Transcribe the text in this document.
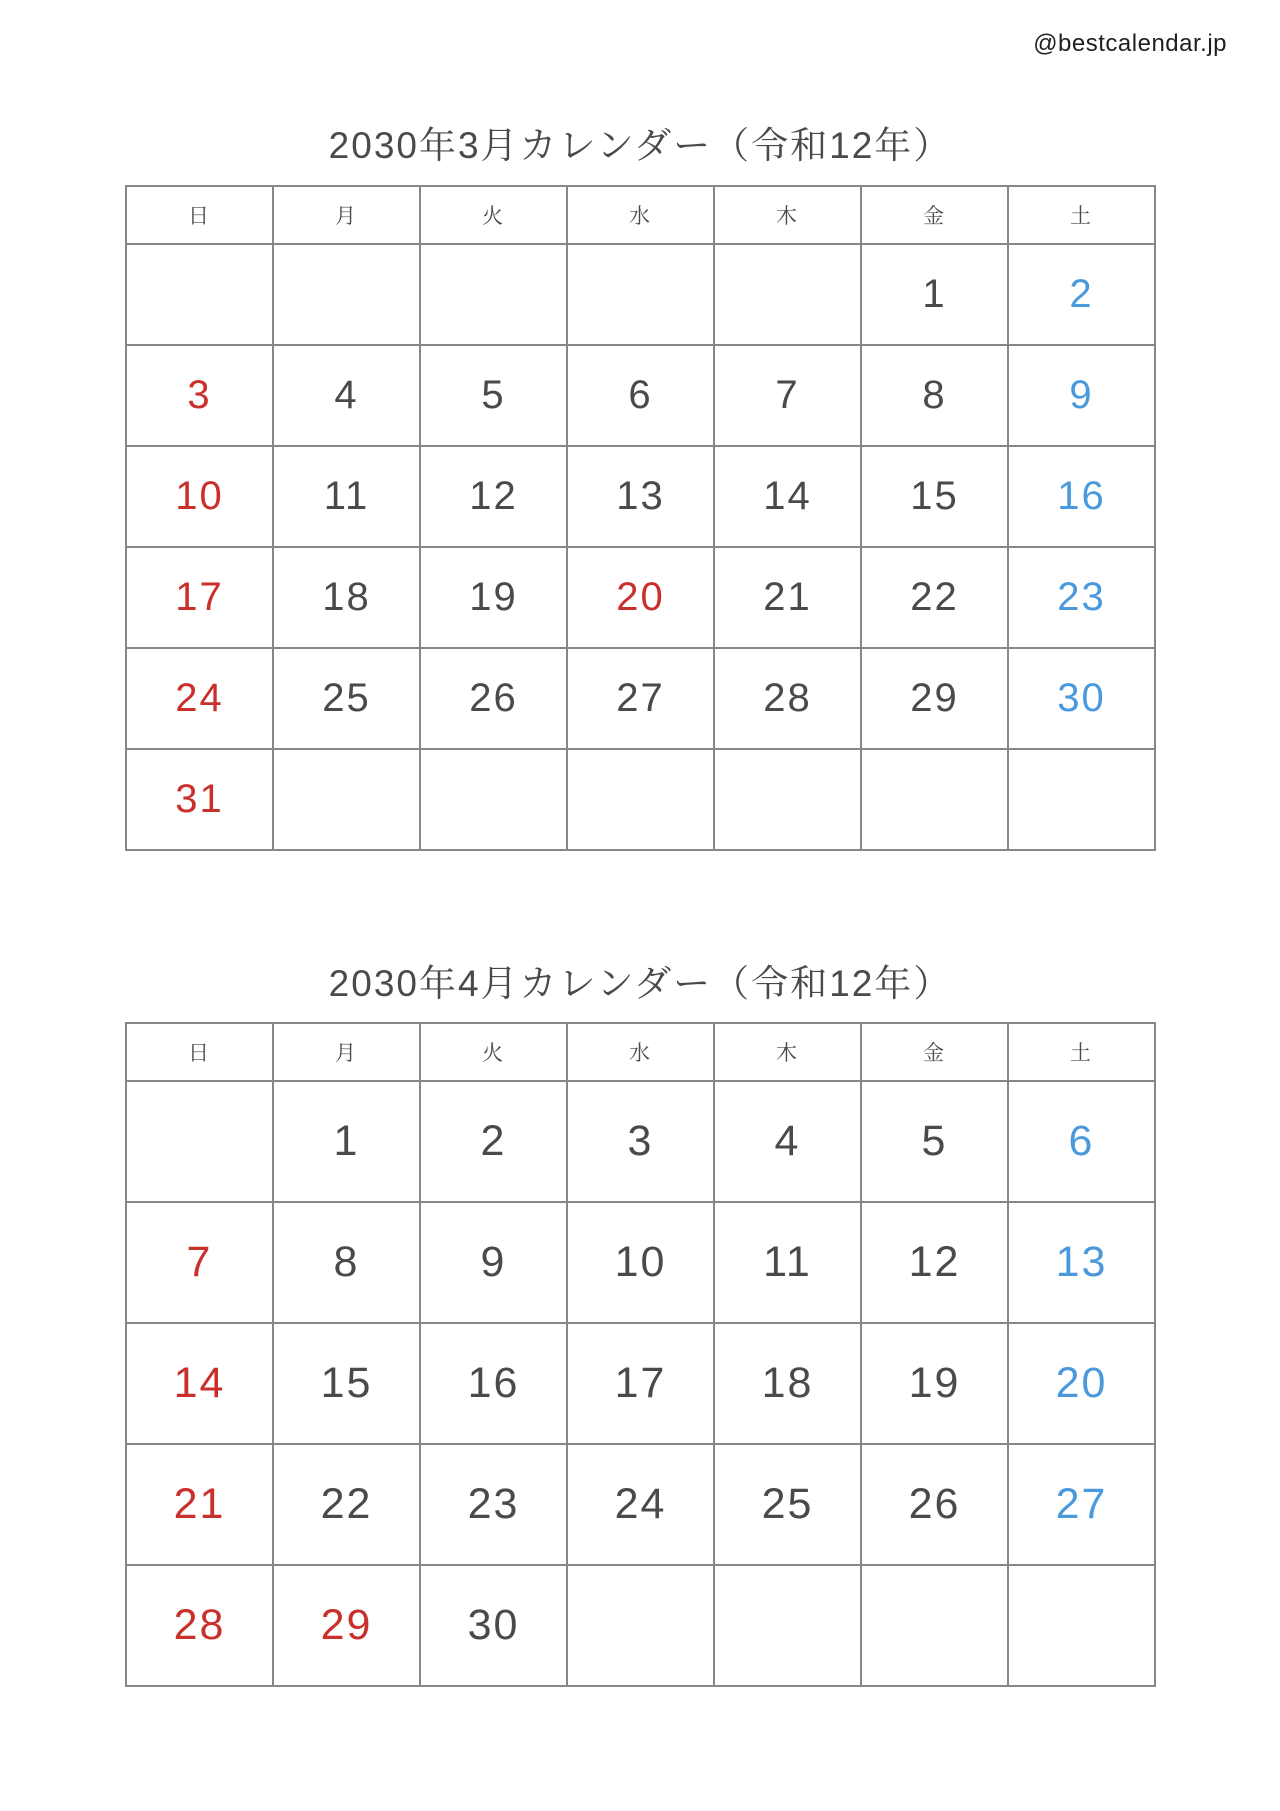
@bestcalendar.jp
2030年3月カレンダー（令和12年）
日	月	火	水	木	金	土
					1	2
3	4	5	6	7	8	9
10	11	12	13	14	15	16
17	18	19	20	21	22	23
24	25	26	27	28	29	30
31						
2030年4月カレンダー（令和12年）
日	月	火	水	木	金	土
	1	2	3	4	5	6
7	8	9	10	11	12	13
14	15	16	17	18	19	20
21	22	23	24	25	26	27
28	29	30				
